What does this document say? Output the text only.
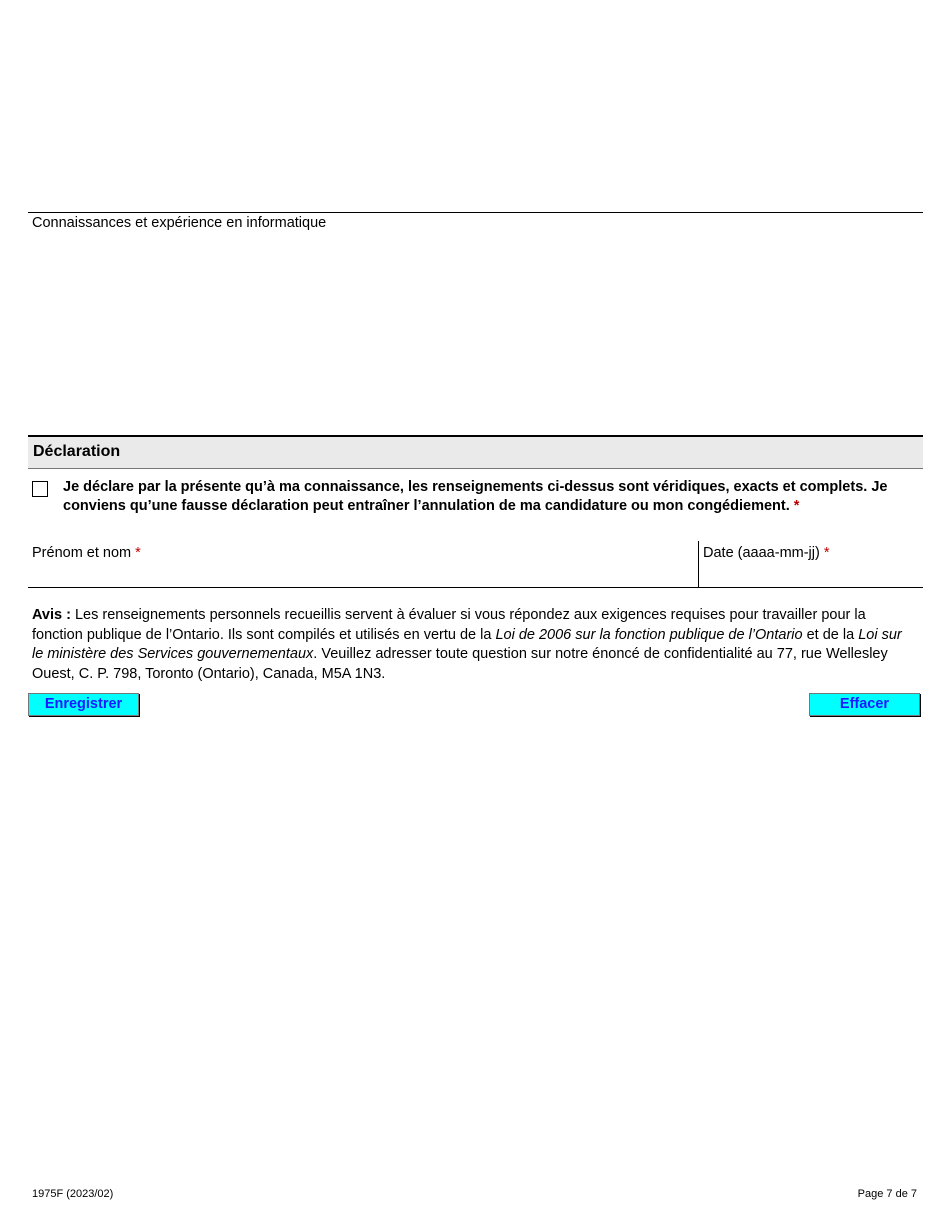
Connaissances et expérience en informatique
Déclaration
Je déclare par la présente qu’à ma connaissance, les renseignements ci-dessus sont véridiques, exacts et complets. Je conviens qu’une fausse déclaration peut entraîner l’annulation de ma candidature ou mon congédiement. *
Prénom et nom *	Date (aaaa-mm-jj) *
Avis : Les renseignements personnels recueillis servent à évaluer si vous répondez aux exigences requises pour travailler pour la fonction publique de l’Ontario. Ils sont compilés et utilisés en vertu de la Loi de 2006 sur la fonction publique de l’Ontario et de la Loi sur le ministère des Services gouvernementaux. Veuillez adresser toute question sur notre énoncé de confidentialité au 77, rue Wellesley Ouest, C. P. 798, Toronto (Ontario), Canada, M5A 1N3.
Enregistrer	Effacer
1975F (2023/02)	Page 7 de 7
